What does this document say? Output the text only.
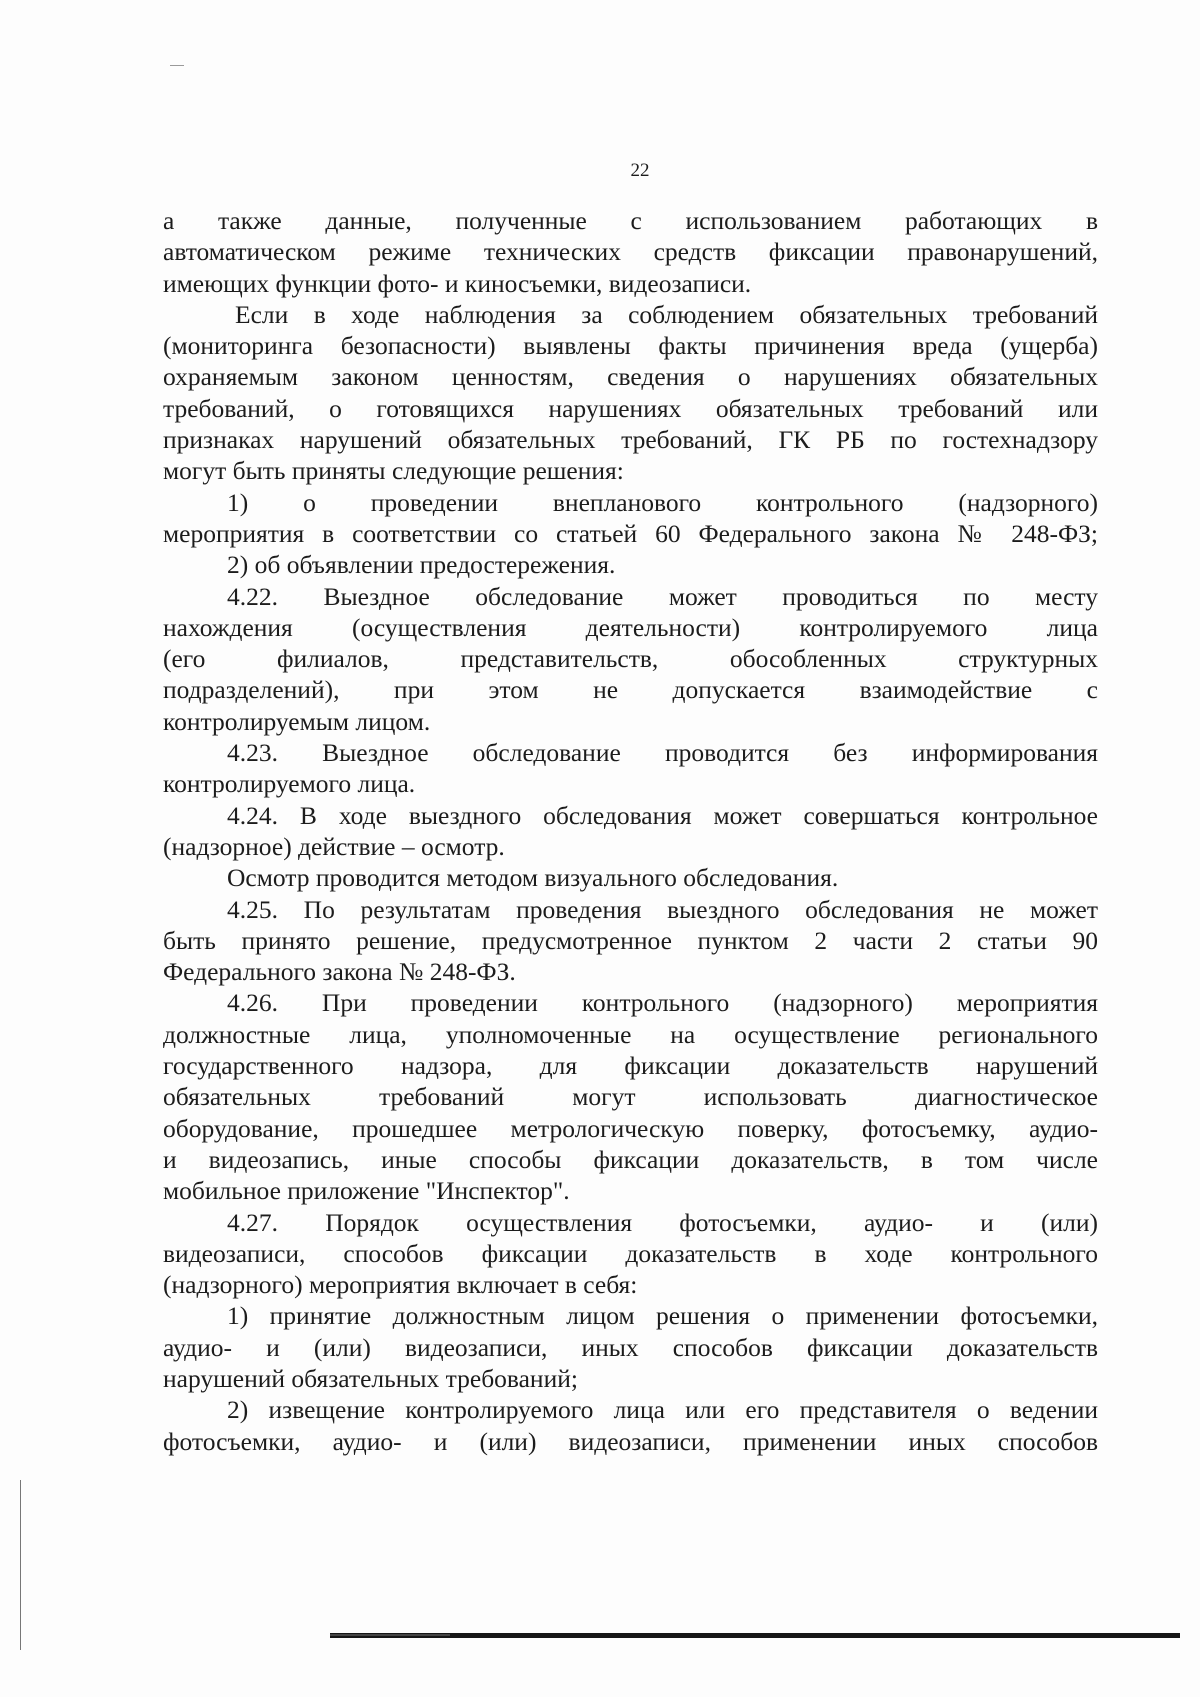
22
а также данные, полученные с использованием работающих в
автоматическом режиме технических средств фиксации правонарушений,
имеющих функции фото- и киносъемки, видеозаписи.
Если в ходе наблюдения за соблюдением обязательных требований
(мониторинга безопасности) выявлены факты причинения вреда (ущерба)
охраняемым законом ценностям, сведения о нарушениях обязательных
требований, о готовящихся нарушениях обязательных требований или
признаках нарушений обязательных требований, ГК РБ по гостехнадзору
могут быть приняты следующие решения:
1) о проведении внепланового контрольного (надзорного)
мероприятия в соответствии со статьей 60 Федерального закона № 248-ФЗ;
2) об объявлении предостережения.
4.22. Выездное обследование может проводиться по месту
нахождения (осуществления деятельности) контролируемого лица
(его филиалов, представительств, обособленных структурных
подразделений), при этом не допускается взаимодействие с
контролируемым лицом.
4.23. Выездное обследование проводится без информирования
контролируемого лица.
4.24. В ходе выездного обследования может совершаться контрольное
(надзорное) действие – осмотр.
Осмотр проводится методом визуального обследования.
4.25. По результатам проведения выездного обследования не может
быть принято решение, предусмотренное пунктом 2 части 2 статьи 90
Федерального закона № 248-ФЗ.
4.26. При проведении контрольного (надзорного) мероприятия
должностные лица, уполномоченные на осуществление регионального
государственного надзора, для фиксации доказательств нарушений
обязательных требований могут использовать диагностическое
оборудование, прошедшее метрологическую поверку, фотосъемку, аудио-
и видеозапись, иные способы фиксации доказательств, в том числе
мобильное приложение "Инспектор".
4.27. Порядок осуществления фотосъемки, аудио- и (или)
видеозаписи, способов фиксации доказательств в ходе контрольного
(надзорного) мероприятия включает в себя:
1) принятие должностным лицом решения о применении фотосъемки,
аудио- и (или) видеозаписи, иных способов фиксации доказательств
нарушений обязательных требований;
2) извещение контролируемого лица или его представителя о ведении
фотосъемки, аудио- и (или) видеозаписи, применении иных способов
